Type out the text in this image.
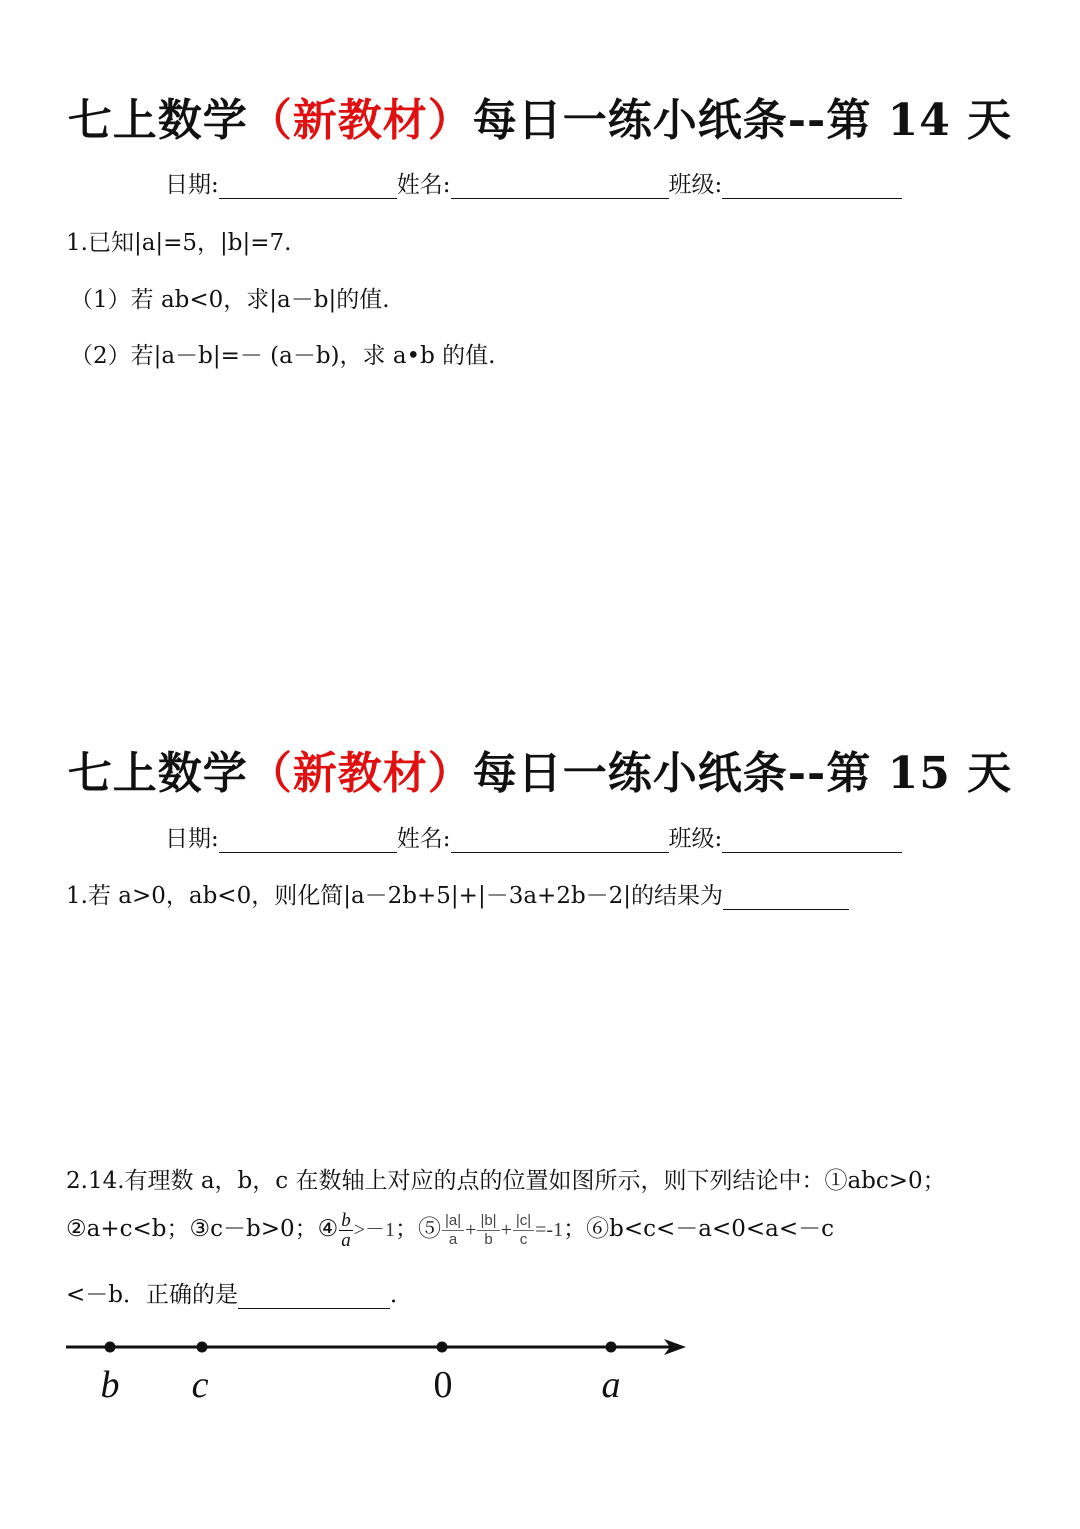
七上数学（新教材）每日一练小纸条--第 14 天
日期:	姓名:	班级:
1.已知|a|=5，|b|=7.
（1）若 ab<0，求|a－b|的值.
（2）若|a－b|=－ (a－b)，求 a•b 的值.
七上数学（新教材）每日一练小纸条--第 15 天
日期:	姓名:	班级:
1.若 a>0，ab<0，则化简|a－2b+5|+|－3a+2b－2|的结果为
2.14.有理数 a，b，c 在数轴上对应的点的位置如图所示，则下列结论中：①abc>0；
②a+c<b；③c－b>0；④ $\frac{b}{a} >-1$；⑤ $\frac{|a|}{a} + \frac{|b|}{b} + \frac{|c|}{c} =-1$；⑥b<c<－a<0<a<－c
<－b．正确的是	．
b c	0	a
